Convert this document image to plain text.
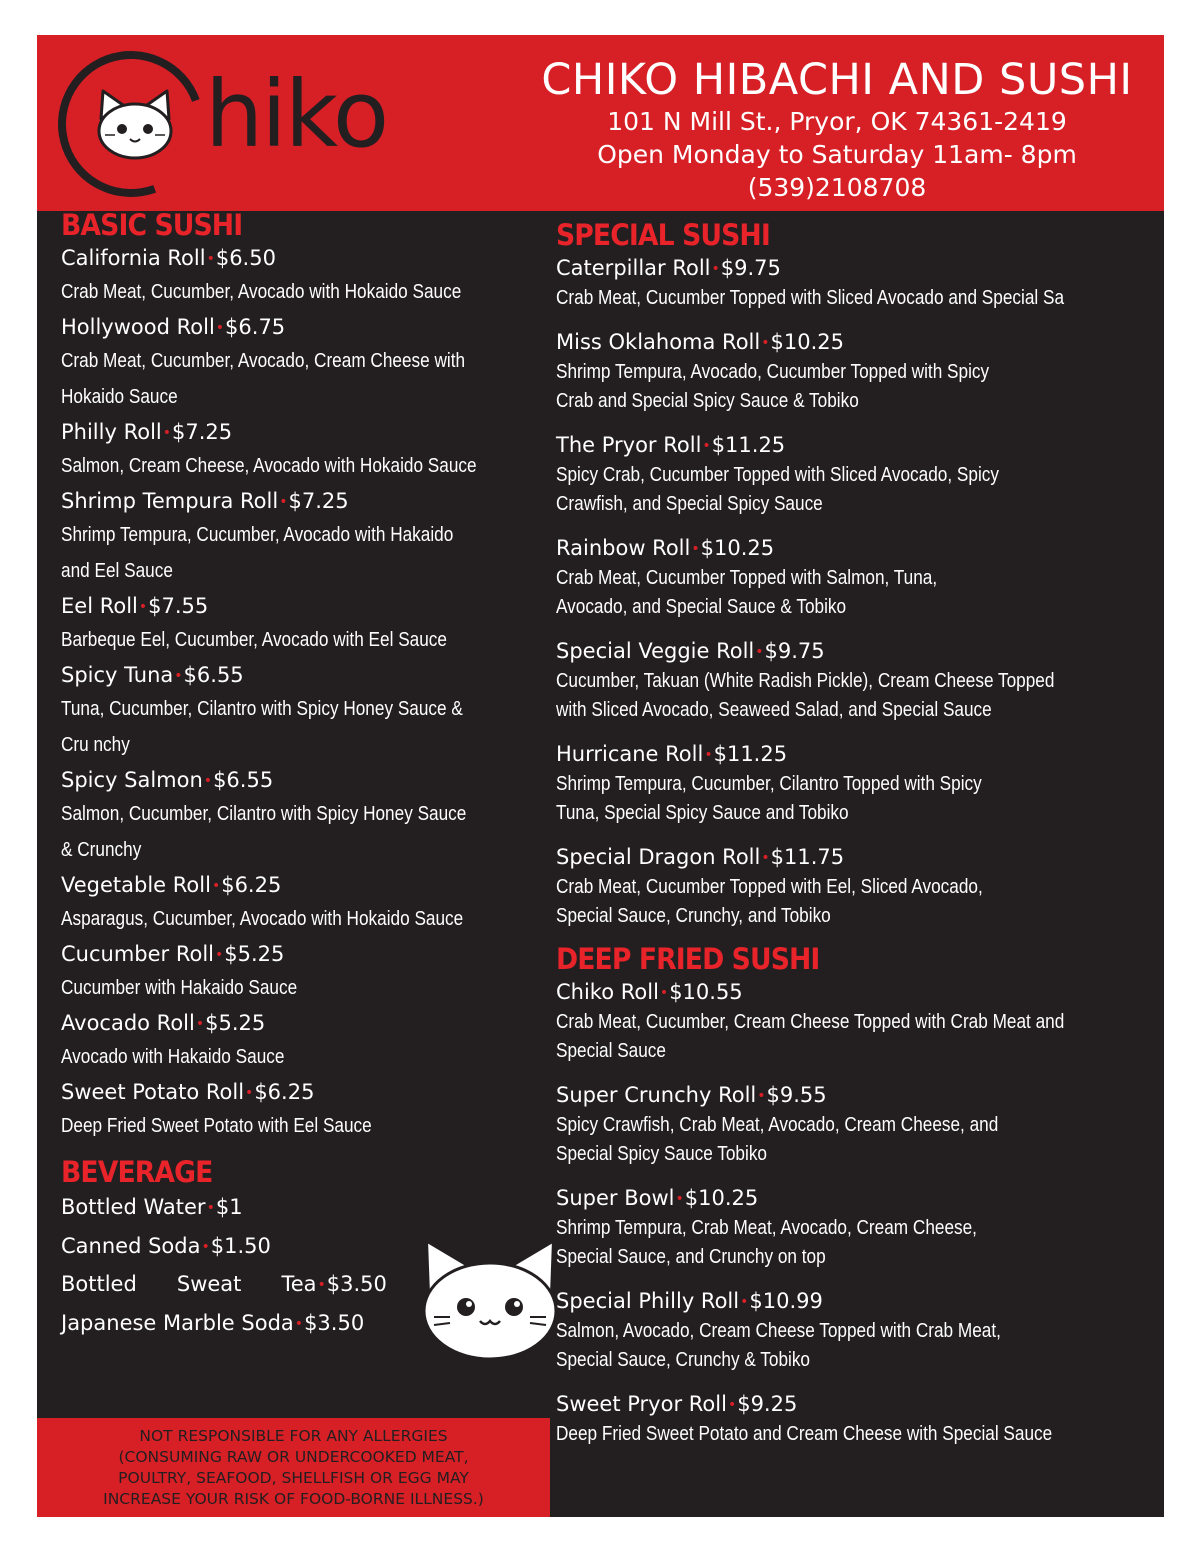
hiko	CHIKO HIBACHI AND SUSHI
101 N Mill St., Pryor, OK 74361-2419
Open Monday to Saturday 11am- 8pm
(539)2108708
BASIC SUSHI
California Roll•$6.50
Crab Meat, Cucumber, Avocado with Hokaido Sauce
Hollywood Roll•$6.75
Crab Meat, Cucumber, Avocado, Cream Cheese with
Hokaido Sauce
Philly Roll•$7.25
Salmon, Cream Cheese, Avocado with Hokaido Sauce
Shrimp Tempura Roll•$7.25
Shrimp Tempura, Cucumber, Avocado with Hakaido
and Eel Sauce
Eel Roll•$7.55
Barbeque Eel, Cucumber, Avocado with Eel Sauce
Spicy Tuna•$6.55
Tuna, Cucumber, Cilantro with Spicy Honey Sauce &
Cru nchy
Spicy Salmon•$6.55
Salmon, Cucumber, Cilantro with Spicy Honey Sauce
& Crunchy
Vegetable Roll•$6.25
Asparagus, Cucumber, Avocado with Hokaido Sauce
Cucumber Roll•$5.25
Cucumber with Hakaido Sauce
Avocado Roll•$5.25
Avocado with Hakaido Sauce
Sweet Potato Roll•$6.25
Deep Fried Sweet Potato with Eel Sauce
BEVERAGE
Bottled Water•$1
Canned Soda•$1.50
Bottled      Sweat      Tea•$3.50
Japanese Marble Soda•$3.50
SPECIAL SUSHI
Caterpillar Roll•$9.75
Crab Meat, Cucumber Topped with Sliced Avocado and Special Sa
Miss Oklahoma Roll•$10.25
Shrimp Tempura, Avocado, Cucumber Topped with Spicy
Crab and Special Spicy Sauce & Tobiko
The Pryor Roll•$11.25
Spicy Crab, Cucumber Topped with Sliced Avocado, Spicy
Crawfish, and Special Spicy Sauce
Rainbow Roll•$10.25
Crab Meat, Cucumber Topped with Salmon, Tuna,
Avocado, and Special Sauce & Tobiko
Special Veggie Roll•$9.75
Cucumber, Takuan (White Radish Pickle), Cream Cheese Topped
with Sliced Avocado, Seaweed Salad, and Special Sauce
Hurricane Roll•$11.25
Shrimp Tempura, Cucumber, Cilantro Topped with Spicy
Tuna, Special Spicy Sauce and Tobiko
Special Dragon Roll•$11.75
Crab Meat, Cucumber Topped with Eel, Sliced Avocado,
Special Sauce, Crunchy, and Tobiko
DEEP FRIED SUSHI
Chiko Roll•$10.55
Crab Meat, Cucumber, Cream Cheese Topped with Crab Meat and
Special Sauce
Super Crunchy Roll•$9.55
Spicy Crawfish, Crab Meat, Avocado, Cream Cheese, and
Special Spicy Sauce Tobiko
Super Bowl•$10.25
Shrimp Tempura, Crab Meat, Avocado, Cream Cheese,
Special Sauce, and Crunchy on top
Special Philly Roll•$10.99
Salmon, Avocado, Cream Cheese Topped with Crab Meat,
Special Sauce, Crunchy & Tobiko
Sweet Pryor Roll•$9.25
Deep Fried Sweet Potato and Cream Cheese with Special Sauce
NOT RESPONSIBLE FOR ANY ALLERGIES
(CONSUMING RAW OR UNDERCOOKED MEAT,
POULTRY, SEAFOOD, SHELLFISH OR EGG MAY
INCREASE YOUR RISK OF FOOD-BORNE ILLNESS.)
